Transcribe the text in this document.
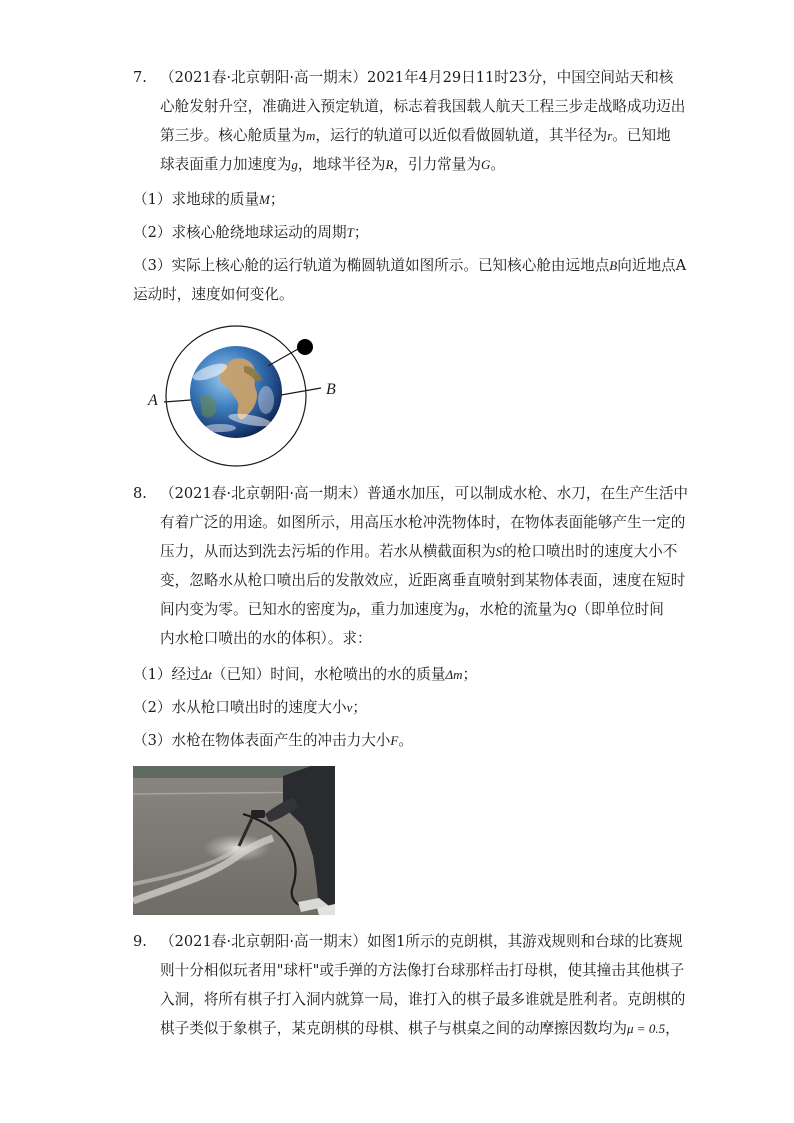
7. （2021春·北京朝阳·高一期末）2021年4月29日11时23分，中国空间站天和核
心舱发射升空，准确进入预定轨道，标志着我国载人航天工程三步走战略成功迈出
第三步。核心舱质量为m，运行的轨道可以近似看做圆轨道，其半径为r。已知地
球表面重力加速度为g，地球半径为R，引力常量为G。
（1）求地球的质量M；
（2）求核心舱绕地球运动的周期T；
（3）实际上核心舱的运行轨道为椭圆轨道如图所示。已知核心舱由远地点B向近地点A
运动时，速度如何变化。
A
B
8. （2021春·北京朝阳·高一期末）普通水加压，可以制成水枪、水刀，在生产生活中
有着广泛的用途。如图所示，用高压水枪冲洗物体时，在物体表面能够产生一定的
压力，从而达到洗去污垢的作用。若水从横截面积为S的枪口喷出时的速度大小不
变，忽略水从枪口喷出后的发散效应，近距离垂直喷射到某物体表面，速度在短时
间内变为零。已知水的密度为ρ，重力加速度为g，水枪的流量为Q（即单位时间
内水枪口喷出的水的体积）。求：
（1）经过Δt（已知）时间，水枪喷出的水的质量Δm；
（2）水从枪口喷出时的速度大小v；
（3）水枪在物体表面产生的冲击力大小F。
9. （2021春·北京朝阳·高一期末）如图1所示的克朗棋，其游戏规则和台球的比赛规
则十分相似玩者用"球杆"或手弹的方法像打台球那样击打母棋，使其撞击其他棋子
入洞，将所有棋子打入洞内就算一局，谁打入的棋子最多谁就是胜利者。克朗棋的
棋子类似于象棋子，某克朗棋的母棋、棋子与棋桌之间的动摩擦因数均为μ = 0.5，
